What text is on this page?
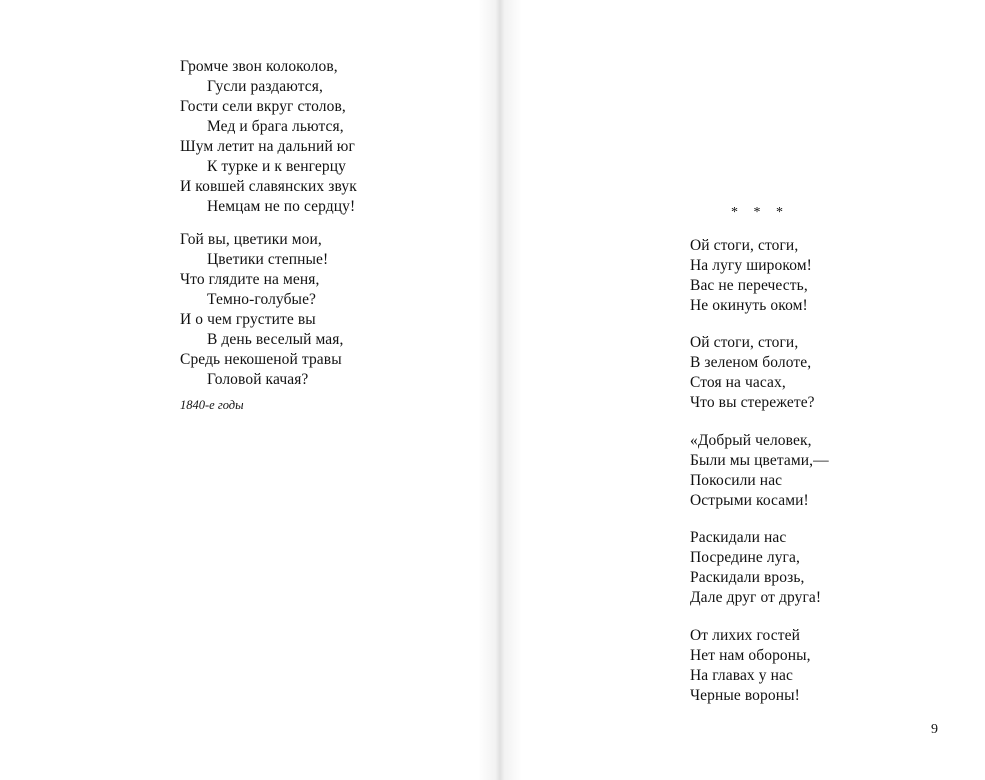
Громче звон колоколов,
Гусли раздаются,
Гости сели вкруг столов,
Мед и брага льются,
Шум летит на дальний юг
К турке и к венгерцу
И ковшей славянских звук
Немцам не по сердцу!
Гой вы, цветики мои,
Цветики степные!
Что глядите на меня,
Темно-голубые?
И о чем грустите вы
В день веселый мая,
Средь некошеной травы
Головой качая?
1840-е годы
* * *
Ой стоги, стоги,
На лугу широком!
Вас не перечесть,
Не окинуть оком!
Ой стоги, стоги,
В зеленом болоте,
Стоя на часах,
Что вы стережете?
«Добрый человек,
Были мы цветами,—
Покосили нас
Острыми косами!
Раскидали нас
Посредине луга,
Раскидали врозь,
Дале друг от друга!
От лихих гостей
Нет нам обороны,
На главах у нас
Черные вороны!
9
